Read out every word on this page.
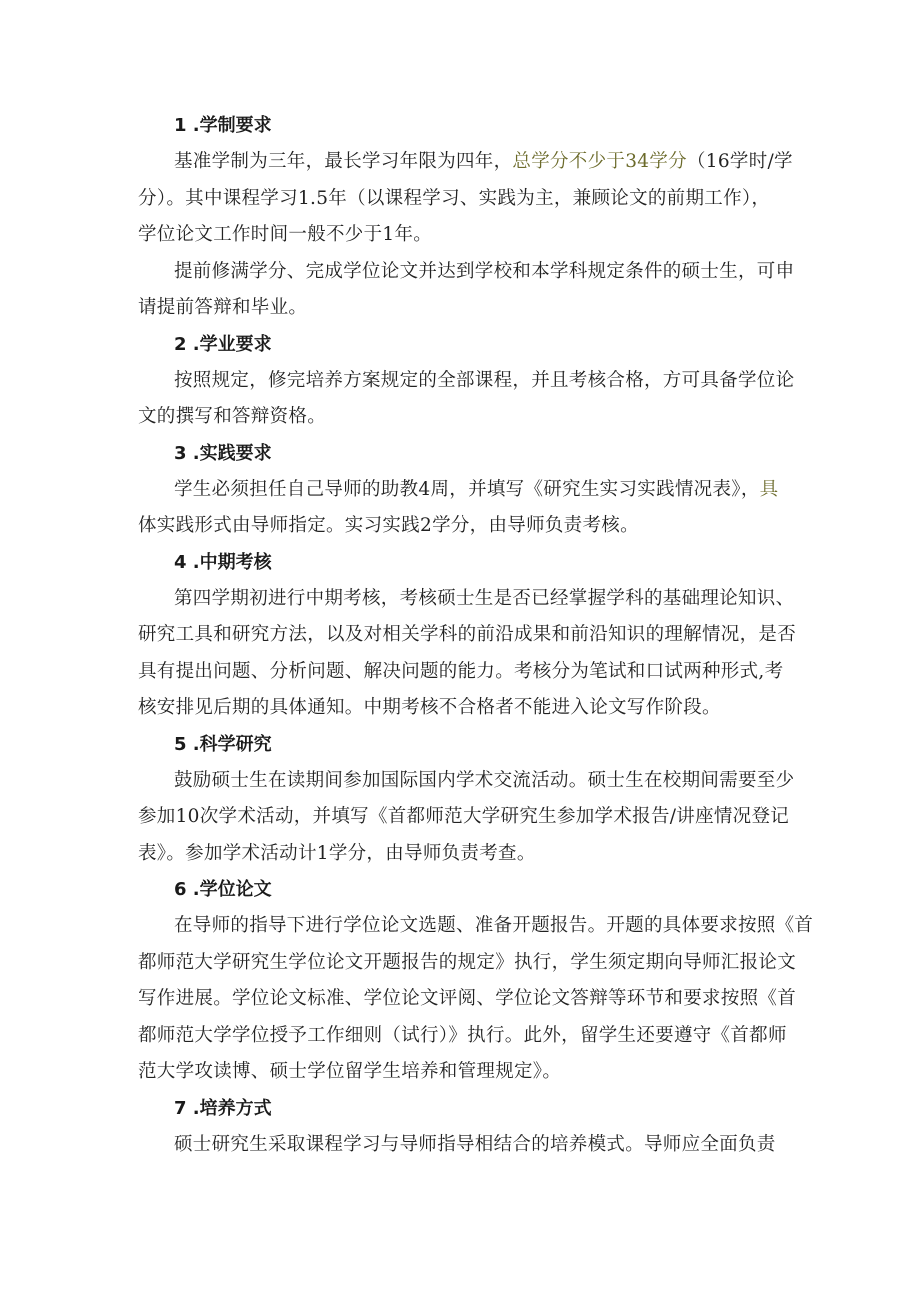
1 .学制要求
基准学制为三年，最长学习年限为四年，总学分不少于34学分（16学时/学
分）。其中课程学习1.5年（以课程学习、实践为主，兼顾论文的前期工作），
学位论文工作时间一般不少于1年。
提前修满学分、完成学位论文并达到学校和本学科规定条件的硕士生，可申
请提前答辩和毕业。
2 .学业要求
按照规定，修完培养方案规定的全部课程，并且考核合格，方可具备学位论
文的撰写和答辩资格。
3 .实践要求
学生必须担任自己导师的助教4周，并填写《研究生实习实践情况表》，具
体实践形式由导师指定。实习实践2学分，由导师负责考核。
4 .中期考核
第四学期初进行中期考核，考核硕士生是否已经掌握学科的基础理论知识、
研究工具和研究方法，以及对相关学科的前沿成果和前沿知识的理解情况，是否
具有提出问题、分析问题、解决问题的能力。考核分为笔试和口试两种形式,考
核安排见后期的具体通知。中期考核不合格者不能进入论文写作阶段。
5 .科学研究
鼓励硕士生在读期间参加国际国内学术交流活动。硕士生在校期间需要至少
参加10次学术活动，并填写《首都师范大学研究生参加学术报告/讲座情况登记
表》。参加学术活动计1学分，由导师负责考查。
6 .学位论文
在导师的指导下进行学位论文选题、准备开题报告。开题的具体要求按照《首
都师范大学研究生学位论文开题报告的规定》执行，学生须定期向导师汇报论文
写作进展。学位论文标准、学位论文评阅、学位论文答辩等环节和要求按照《首
都师范大学学位授予工作细则（试行）》执行。此外，留学生还要遵守《首都师
范大学攻读博、硕士学位留学生培养和管理规定》。
7 .培养方式
硕士研究生采取课程学习与导师指导相结合的培养模式。导师应全面负责
